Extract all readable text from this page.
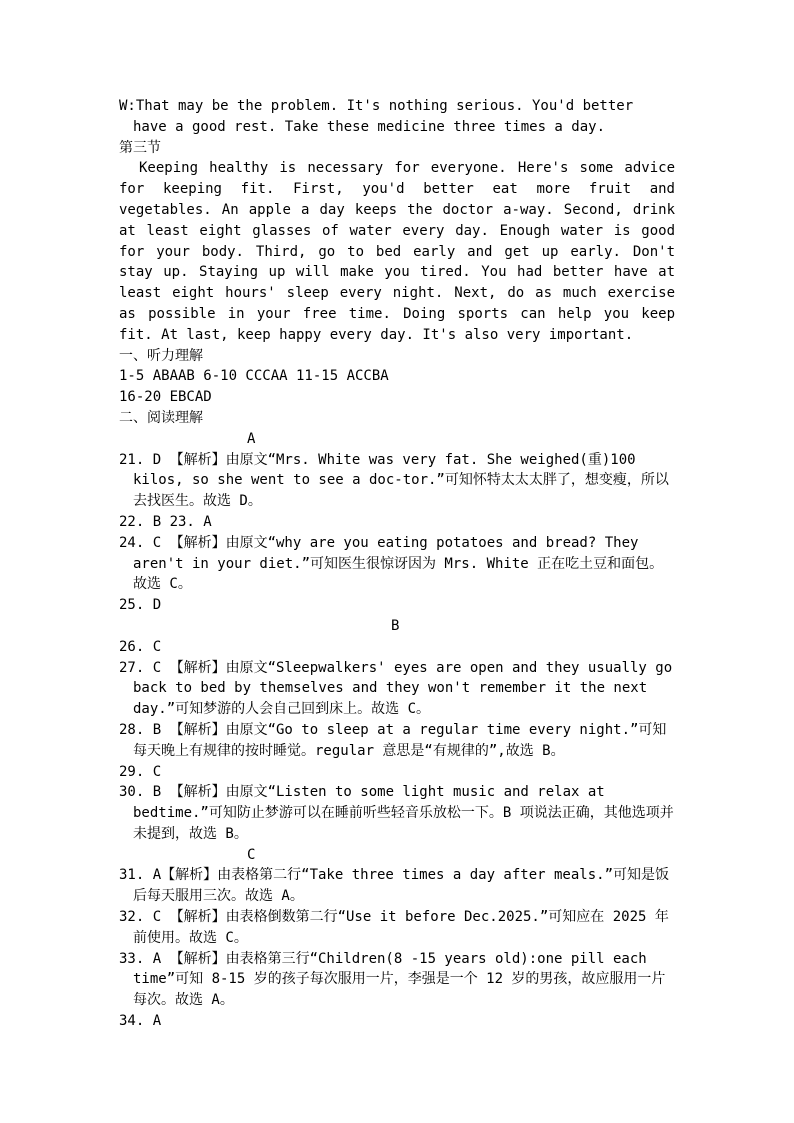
W:That may be the problem. It's nothing serious. You'd better have a good rest. Take these medicine three times a day.

第三节

Keeping healthy is necessary for everyone. Here's some advice for keeping fit. First, you'd better eat more fruit and vegetables. An apple a day keeps the doctor a-way. Second, drink at least eight glasses of water every day. Enough water is good for your body. Third, go to bed early and get up early. Don't stay up. Staying up will make you tired. You had better have at least eight hours' sleep every night. Next, do as much exercise as possible in your free time. Doing sports can help you keep fit. At last, keep happy every day. It's also very important.

一、听力理解

1-5 ABAAB 6-10 CCCAA 11-15 ACCBA

16-20 EBCAD

二、阅读理解

A

21. D 【解析】由原文“Mrs. White was very fat. She weighed(重)100 kilos, so she went to see a doc-tor.”可知怀特太太太胖了，想变瘦，所以去找医生。故选 D。

22. B 23. A

24. C 【解析】由原文“why are you eating potatoes and bread? They aren't in your diet.”可知医生很惊讶因为 Mrs. White 正在吃土豆和面包。故选 C。

25. D

B

26. C

27. C 【解析】由原文“Sleepwalkers' eyes are open and they usually go back to bed by themselves and they won't remember it the next day.”可知梦游的人会自己回到床上。故选 C。

28. B 【解析】由原文“Go to sleep at a regular time every night.”可知每天晚上有规律的按时睡觉。regular 意思是“有规律的”,故选 B。

29. C

30. B 【解析】由原文“Listen to some light music and relax at bedtime.”可知防止梦游可以在睡前听些轻音乐放松一下。B 项说法正确，其他选项并未提到，故选 B。

C

31. A【解析】由表格第二行“Take three times a day after meals.”可知是饭后每天服用三次。故选 A。

32. C 【解析】由表格倒数第二行“Use it before Dec.2025.”可知应在 2025 年前使用。故选 C。

33. A 【解析】由表格第三行“Children(8 -15 years old):one pill each time”可知 8-15 岁的孩子每次服用一片，李强是一个 12 岁的男孩，故应服用一片每次。故选 A。

34. A
